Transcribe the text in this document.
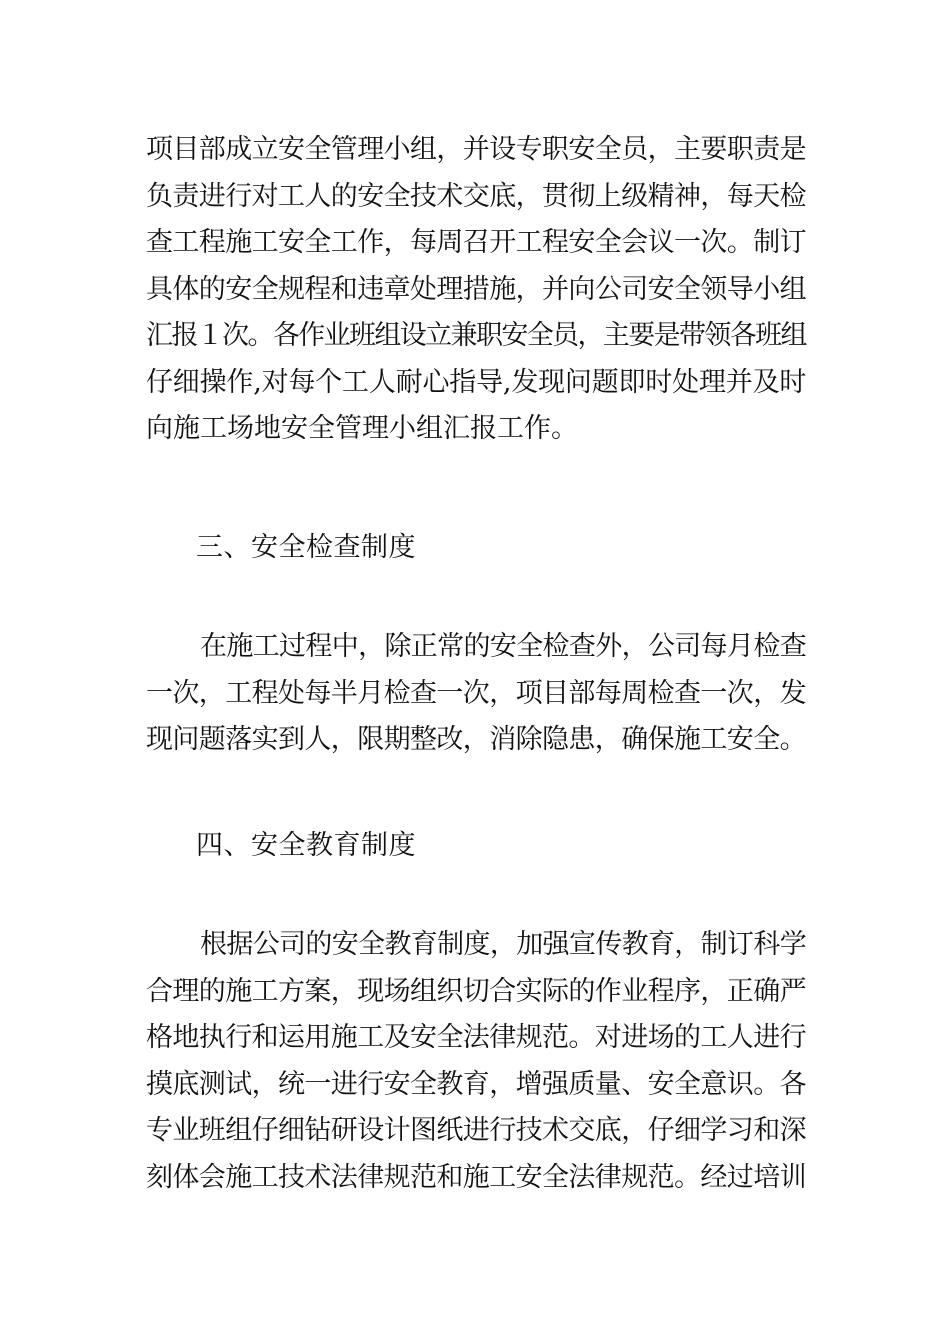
项目部成立安全管理小组，并设专职安全员，主要职责是
负责进行对工人的安全技术交底，贯彻上级精神，每天检
查工程施工安全工作，每周召开工程安全会议一次。制订
具体的安全规程和违章处理措施，并向公司安全领导小组
汇报１次。各作业班组设立兼职安全员，主要是带领各班组
仔细操作,对每个工人耐心指导,发现问题即时处理并及时
向施工场地安全管理小组汇报工作。
三、安全检查制度
在施工过程中，除正常的安全检查外，公司每月检查
一次，工程处每半月检查一次，项目部每周检查一次，发
现问题落实到人，限期整改，消除隐患，确保施工安全。
四、安全教育制度
根据公司的安全教育制度，加强宣传教育，制订科学
合理的施工方案，现场组织切合实际的作业程序，正确严
格地执行和运用施工及安全法律规范。对进场的工人进行
摸底测试，统一进行安全教育，增强质量、安全意识。各
专业班组仔细钻研设计图纸进行技术交底，仔细学习和深
刻体会施工技术法律规范和施工安全法律规范。经过培训
